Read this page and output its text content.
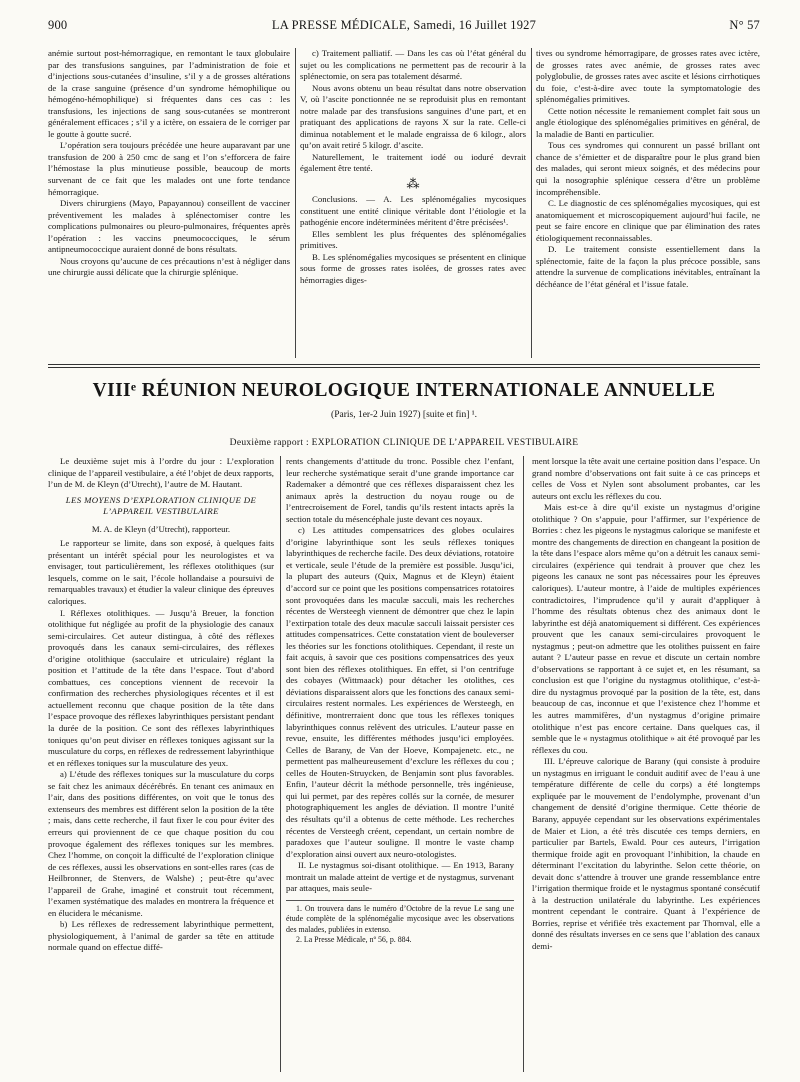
900	LA PRESSE MÉDICALE, Samedi, 16 Juillet 1927	N° 57

anémie surtout post-hémorragique, en remontant le taux globulaire par des transfusions sanguines, par l’administration de foie et d’injections sous-cutanées d’insuline, s’il y a de grosses altérations de la crase sanguine (présence d’un syndrome hémophilique ou hémogéno-hémophilique) si fréquentes dans ces cas : les transfusions, les injections de sang sous-cutanées se montreront généralement efficaces ; s’il y a ictère, on essaiera de le corriger par le goutte à goutte sucré.

L’opération sera toujours précédée une heure auparavant par une transfusion de 200 à 250 cmc de sang et l’on s’efforcera de faire l’hémostase la plus minutieuse possible, beaucoup de morts survenant de ce fait que les malades ont une forte tendance hémorragique.

Divers chirurgiens (Mayo, Papayannou) conseillent de vacciner préventivement les malades à splénectomiser contre les complications pulmonaires ou pleuro-pulmonaires, fréquentes après l’opération : les vaccins pneumococciques, le sérum antipneumococcique auraient donné de bons résultats.

Nous croyons qu’aucune de ces précautions n’est à négliger dans une chirurgie aussi délicate que la chirurgie splénique.

c) Traitement palliatif. — Dans les cas où l’état général du sujet ou les complications ne permettent pas de recourir à la splénectomie, on sera pas totalement désarmé.

Nous avons obtenu un beau résultat dans notre observation V, où l’ascite ponctionnée ne se reproduisit plus en remontant notre malade par des transfusions sanguines d’une part, et en pratiquant des applications de rayons X sur la rate. Celle-ci diminua notablement et le malade engraissa de 6 kilogr., alors qu’on avait retiré 5 kilogr. d’ascite.

Naturellement, le traitement iodé ou ioduré devrait également être tenté.

⁂

Conclusions. — A. Les splénomégalies mycosiques constituent une entité clinique véritable dont l’étiologie et la pathogénie encore indéterminées méritent d’être précisées¹.

Elles semblent les plus fréquentes des splénomégalies primitives.

B. Les splénomégalies mycosiques se présentent en clinique sous forme de grosses rates isolées, de grosses rates avec hémorragies diges-

tives ou syndrome hémorragipare, de grosses rates avec ictère, de grosses rates avec anémie, de grosses rates avec polyglobulie, de grosses rates avec ascite et lésions cirrhotiques du foie, c’est-à-dire avec toute la symptomatologie des splénomégalies primitives.

Cette notion nécessite le remaniement complet fait sous un angle étiologique des splénomégalies primitives en général, de la maladie de Banti en particulier.

Tous ces syndromes qui connurent un passé brillant ont chance de s’émietter et de disparaître pour le plus grand bien des malades, qui seront mieux soignés, et des médecins pour qui la nosographie splénique cessera d’être un problème incompréhensible.

C. Le diagnostic de ces splénomégalies mycosiques, qui est anatomiquement et microscopiquement aujourd’hui facile, ne peut se faire encore en clinique que par élimination des rates étiologiquement reconnaissables.

D. Le traitement consiste essentiellement dans la splénectomie, faite de la façon la plus précoce possible, sans attendre la survenue de complications inévitables, entraînant la déchéance de l’état général et l’issue fatale.

VIIIᵉ RÉUNION NEUROLOGIQUE INTERNATIONALE ANNUELLE
(Paris, 1er-2 Juin 1927) [suite et fin] ¹.
Deuxième rapport : EXPLORATION CLINIQUE DE L’APPAREIL VESTIBULAIRE

Le deuxième sujet mis à l’ordre du jour : L’exploration clinique de l’appareil vestibulaire, a été l’objet de deux rapports, l’un de M. de Kleyn (d’Utrecht), l’autre de M. Hautant.

LES MOYENS D’EXPLORATION CLINIQUE DE L’APPAREIL VESTIBULAIRE

M. A. de Kleyn (d’Utrecht), rapporteur.

Le rapporteur se limite, dans son exposé, à quelques faits présentant un intérêt spécial pour les neurologistes et va envisager, tout particulièrement, les réflexes otolithiques (sur lesquels, comme on le sait, l’école hollandaise a poursuivi de remarquables travaux) et étudier la valeur clinique des épreuves caloriques.

I. Réflexes otolithiques. — Jusqu’à Breuer, la fonction otolithique fut négligée au profit de la physiologie des canaux semi-circulaires. Cet auteur distingua, à côté des réflexes provoqués dans les canaux semi-circulaires, des réflexes d’origine otolithique (sacculaire et utriculaire) réglant la position et l’attitude de la tête dans l’espace. Tout d’abord combattues, ces conceptions viennent de recevoir la confirmation des recherches physiologiques récentes et il est actuellement reconnu que chaque position de la tête dans l’espace provoque des réflexes labyrinthiques persistant pendant la durée de la position. Ce sont des réflexes labyrinthiques toniques qu’on peut diviser en réflexes toniques agissant sur la musculature du corps, en réflexes de redressement labyrinthique et en réflexes toniques sur la musculature des yeux.

a) L’étude des réflexes toniques sur la musculature du corps se fait chez les animaux décérébrés. En tenant ces animaux en l’air, dans des positions différentes, on voit que le tonus des extenseurs des membres est différent selon la position de la tête ; mais, dans cette recherche, il faut fixer le cou pour éviter des erreurs qui proviennent de ce que chaque position du cou provoque également des réflexes toniques sur les membres. Chez l’homme, on conçoit la difficulté de l’exploration clinique de ces réflexes, aussi les observations en sont-elles rares (cas de Heilbronner, de Stenvers, de Walshe) ; peut-être qu’avec l’appareil de Grahe, imaginé et construit tout récemment, l’examen systématique des malades en montrera la fréquence et en élucidera le mécanisme.

b) Les réflexes de redressement labyrinthique permettent, physiologiquement, à l’animal de garder sa tête en attitude normale quand on effectue diffé-

rents changements d’attitude du tronc. Possible chez l’enfant, leur recherche systématique serait d’une grande importance car Rademaker a démontré que ces réflexes disparaissent chez les animaux après la destruction du noyau rouge ou de l’entrecroisement de Forel, tandis qu’ils restent intacts après la section totale du mésencéphale juste devant ces noyaux.

c) Les attitudes compensatrices des globes oculaires d’origine labyrinthique sont les seuls réflexes toniques labyrinthiques de recherche facile. Des deux déviations, rotatoire et verticale, seule l’étude de la première est possible. Jusqu’ici, la plupart des auteurs (Quix, Magnus et de Kleyn) étaient d’accord sur ce point que les positions compensatrices rotatoires sont provoquées dans les maculæ sacculi, mais les recherches récentes de Wersteegh viennent de démontrer que chez le lapin l’extirpation totale des deux maculæ sacculi laissait persister ces attitudes compensatrices. Cette constatation vient de bouleverser les théories sur les fonctions otolithiques. Cependant, il reste un fait acquis, à savoir que ces positions compensatrices des yeux sont bien des réflexes otolithiques. En effet, si l’on centrifuge des cobayes (Wittmaack) pour détacher les otolithes, ces déviations disparaissent alors que les fonctions des canaux semi-circulaires restent normales. Les expériences de Wersteegh, en définitive, montrerraient donc que tous les réflexes toniques labyrinthiques connus relèvent des utricules. L’auteur passe en revue, ensuite, les différentes méthodes jusqu’ici employées. Celles de Barany, de Van der Hoeve, Kompajenetc. etc., ne permettent pas malheureusement d’exclure les réflexes du cou ; celles de Houten-Struycken, de Benjamin sont plus favorables. Enfin, l’auteur décrit la méthode personnelle, très ingénieuse, qui lui permet, par des repères collés sur la cornée, de mesurer photographiquement les angles de déviation. Il montre l’unité des résultats qu’il a obtenus de cette méthode. Les recherches récentes de Versteegh créent, cependant, un certain nombre de paradoxes que l’auteur souligne. Il montre le vaste champ d’exploration ainsi ouvert aux neuro-otologistes.

II. Le nystagmus soi-disant otolithique. — En 1913, Barany montrait un malade atteint de vertige et de nystagmus, survenant par attaques, mais seule-

1. On trouvera dans le numéro d’Octobre de la revue Le sang une étude complète de la splénomégalie mycosique avec les observations des malades, publiées in extenso.

2. La Presse Médicale, nº 56, p. 884.

ment lorsque la tête avait une certaine position dans l’espace. Un grand nombre d’observations ont fait suite à ce cas princeps et celles de Voss et Nylen sont absolument probantes, car les auteurs ont exclu les réflexes du cou.

Mais est-ce à dire qu’il existe un nystagmus d’origine otolithique ? On s’appuie, pour l’affirmer, sur l’expérience de Borries : chez les pigeons le nystagmus calorique se manifeste et montre des changements de direction en changeant la position de la tête dans l’espace alors même qu’on a détruit les canaux semi-circulaires (expérience qui tendrait à prouver que chez les pigeons les canaux ne sont pas nécessaires pour les épreuves caloriques). L’auteur montre, à l’aide de multiples expériences contradictoires, l’imprudence qu’il y aurait d’appliquer à l’homme des résultats obtenus chez des animaux dont le labyrinthe est déjà anatomiquement si différent. Ces expériences prouvent que les canaux semi-circulaires provoquent le nystagmus ; peut-on admettre que les otolithes puissent en faire autant ? L’auteur passe en revue et discute un certain nombre d’observations se rapportant à ce sujet et, en les résumant, sa conclusion est que l’origine du nystagmus otolithique, c’est-à-dire du nystagmus provoqué par la position de la tête, est, dans beaucoup de cas, inconnue et que l’existence chez l’homme et les autres mammifères, d’un nystagmus d’origine primaire otolithique n’est pas encore certaine. Dans quelques cas, il semble que le « nystagmus otolithique » ait été provoqué par les réflexes du cou.

III. L’épreuve calorique de Barany (qui consiste à produire un nystagmus en irriguant le conduit auditif avec de l’eau à une température différente de celle du corps) a été longtemps expliquée par le mouvement de l’endolymphe, provenant d’un changement de densité d’origine thermique. Cette théorie de Barany, appuyée cependant sur les observations expérimentales de Maier et Lion, a été très discutée ces temps derniers, en particulier par Bartels, Ewald. Pour ces auteurs, l’irrigation thermique froide agit en provoquant l’inhibition, la chaude en déterminant l’excitation du labyrinthe. Selon cette théorie, on devait donc s’attendre à trouver une grande ressemblance entre l’irrigation thermique froide et le nystagmus spontané consécutif à la destruction unilatérale du labyrinthe. Les expériences montrent cependant le contraire. Quant à l’expérience de Borries, reprise et vérifiée très exactement par Thornval, elle a donné des résultats inverses en ce sens que l’ablation des canaux demi-
